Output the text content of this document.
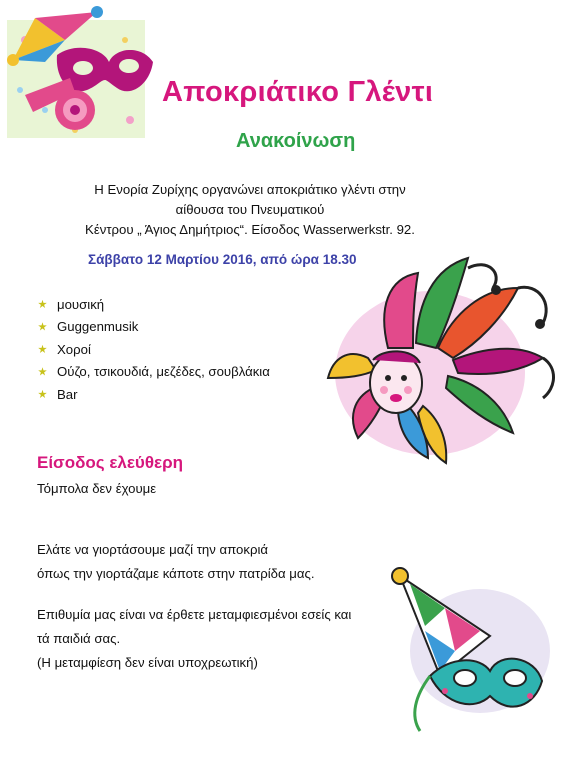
Αποκριάτικο Γλέντι
Ανακοίνωση
Η Ενορία Ζυρίχης οργανώνει αποκριάτικο γλέντι στην
αίθουσα του Πνευματικού
Κέντρου „ Άγιος Δημήτριος“. Είσοδος Wasserwerkstr. 92.
Σάββατο 12 Μαρτίου 2016, από ώρα 18.30
μουσική
Guggenmusik
Χοροί
Ούζο, τσικουδιά, μεζέδες, σουβλάκια
Bar
Είσοδος ελεύθερη
Τόμπολα δεν έχουμε
Ελάτε να γιορτάσουμε μαζί την αποκριά
όπως την γιορτάζαμε κάποτε στην πατρίδα μας.
Επιθυμία μας είναι να έρθετε μεταμφιεσμένοι εσείς και
τά παιδιά σας.
(Η μεταμφίεση δεν είναι υποχρεωτική)
